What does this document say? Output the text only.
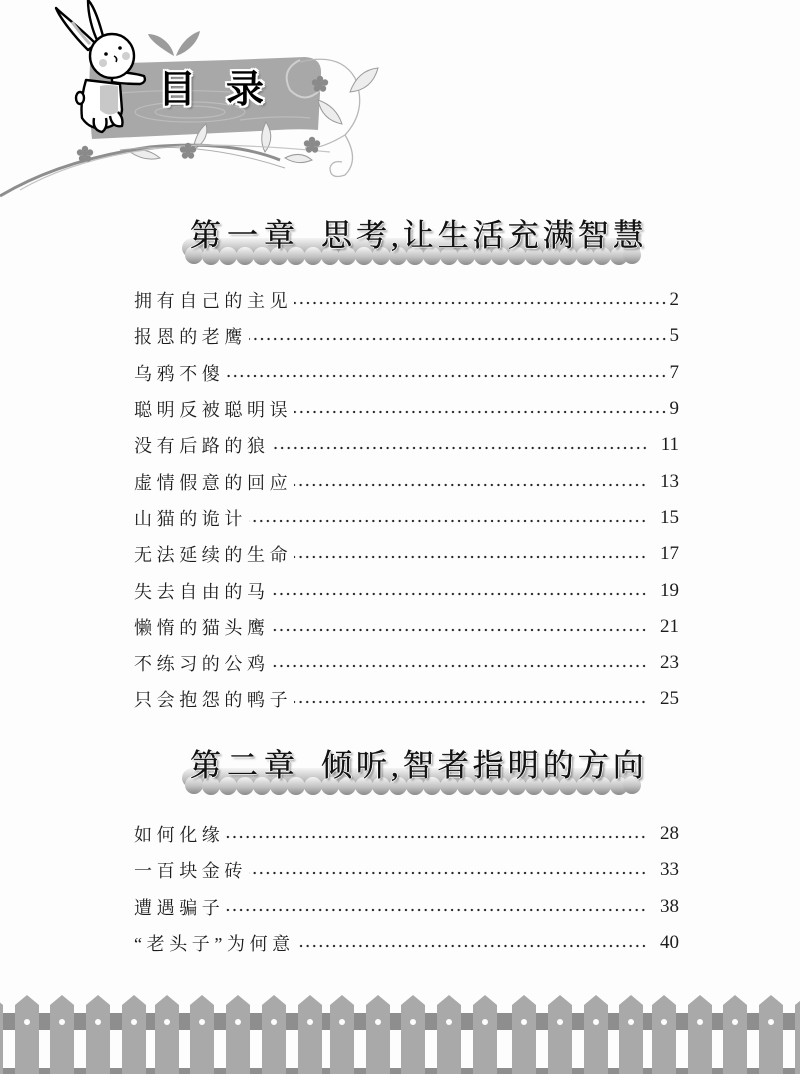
目录
第一章 思考,让生活充满智慧
拥有自己的主见	2
报恩的老鹰	5
乌鸦不傻	7
聪明反被聪明误	9
没有后路的狼	11
虚情假意的回应	13
山猫的诡计	15
无法延续的生命	17
失去自由的马	19
懒惰的猫头鹰	21
不练习的公鸡	23
只会抱怨的鸭子	25
第二章 倾听,智者指明的方向
如何化缘	28
一百块金砖	33
遭遇骗子	38
“老头子”为何意	40
